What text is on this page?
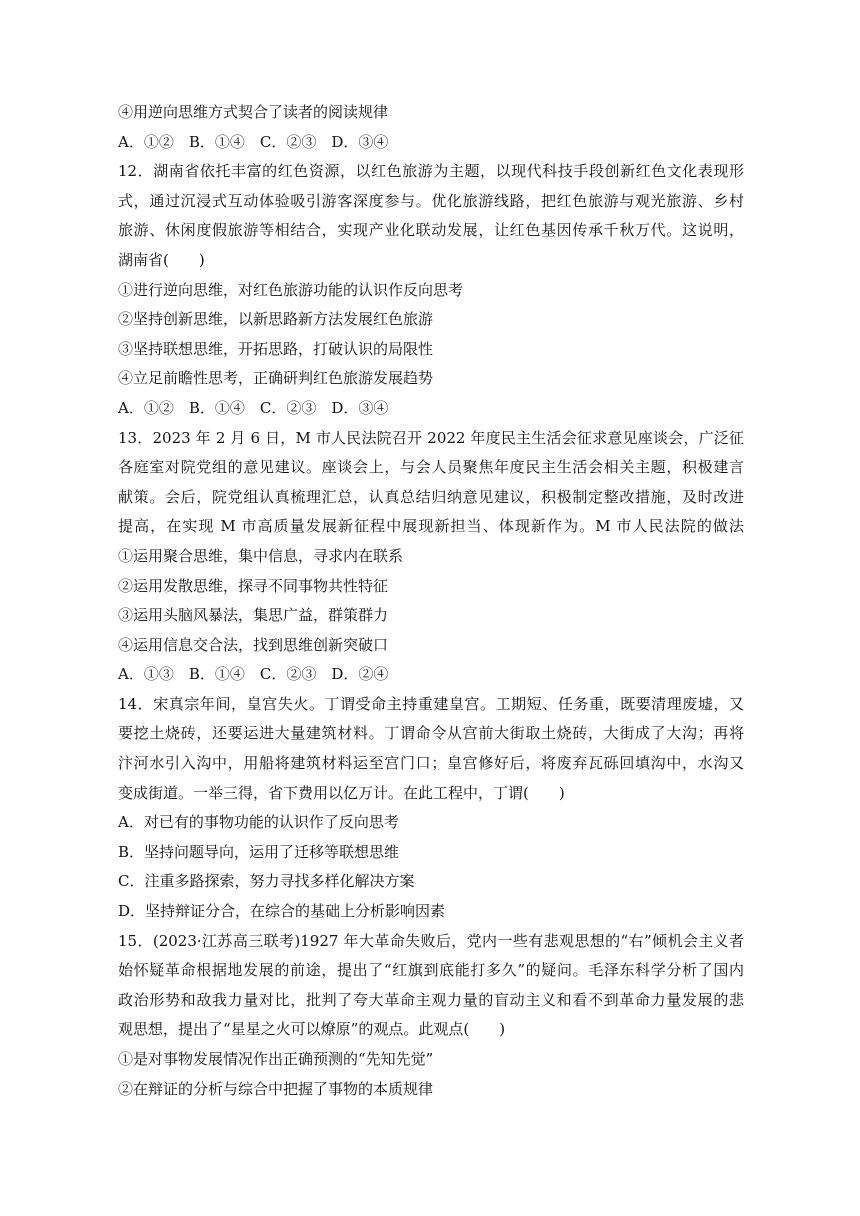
④用逆向思维方式契合了读者的阅读规律
A．①②　B．①④　C．②③　D．③④
12．湖南省依托丰富的红色资源，以红色旅游为主题，以现代科技手段创新红色文化表现形
式，通过沉浸式互动体验吸引游客深度参与。优化旅游线路，把红色旅游与观光旅游、乡村
旅游、休闲度假旅游等相结合，实现产业化联动发展，让红色基因传承千秋万代。这说明，
湖南省(　　)
①进行逆向思维，对红色旅游功能的认识作反向思考
②坚持创新思维，以新思路新方法发展红色旅游
③坚持联想思维，开拓思路，打破认识的局限性
④立足前瞻性思考，正确研判红色旅游发展趋势
A．①②　B．①④　C．②③　D．③④
13．2023 年 2 月 6 日，M 市人民法院召开 2022 年度民主生活会征求意见座谈会，广泛征
各庭室对院党组的意见建议。座谈会上，与会人员聚焦年度民主生活会相关主题，积极建言
献策。会后，院党组认真梳理汇总，认真总结归纳意见建议，积极制定整改措施，及时改进
提高，在实现 M 市高质量发展新征程中展现新担当、体现新作为。M 市人民法院的做法　　
①运用聚合思维，集中信息，寻求内在联系
②运用发散思维，探寻不同事物共性特征
③运用头脑风暴法，集思广益，群策群力
④运用信息交合法，找到思维创新突破口
A．①③　B．①④　C．②③　D．②④
14．宋真宗年间，皇宫失火。丁谓受命主持重建皇宫。工期短、任务重，既要清理废墟，又
要挖土烧砖，还要运进大量建筑材料。丁谓命令从宫前大街取土烧砖，大街成了大沟；再将
汴河水引入沟中，用船将建筑材料运至宫门口；皇宫修好后，将废弃瓦砾回填沟中，水沟又
变成街道。一举三得，省下费用以亿万计。在此工程中，丁谓(　　)
A．对已有的事物功能的认识作了反向思考
B．坚持问题导向，运用了迁移等联想思维
C．注重多路探索，努力寻找多样化解决方案
D．坚持辩证分合，在综合的基础上分析影响因素
15．(2023·江苏高三联考)1927 年大革命失败后，党内一些有悲观思想的“右”倾机会主义者
始怀疑革命根据地发展的前途，提出了“红旗到底能打多久”的疑问。毛泽东科学分析了国内
政治形势和敌我力量对比，批判了夸大革命主观力量的盲动主义和看不到革命力量发展的悲
观思想，提出了“星星之火可以燎原”的观点。此观点(　　)
①是对事物发展情况作出正确预测的“先知先觉”
②在辩证的分析与综合中把握了事物的本质规律
